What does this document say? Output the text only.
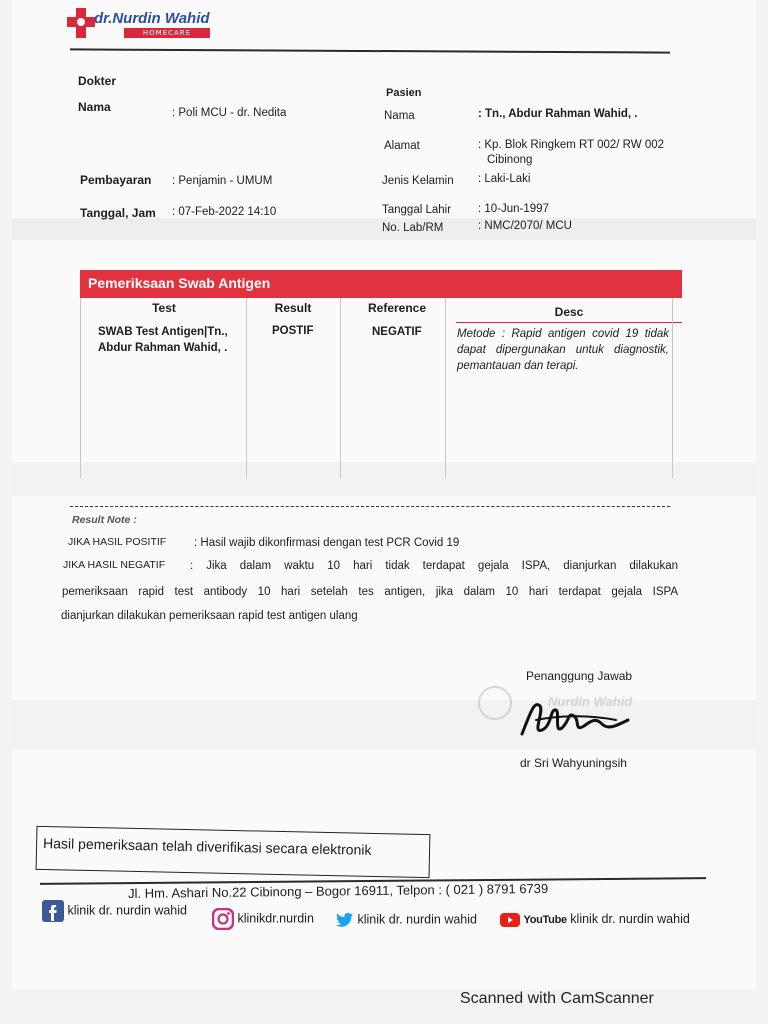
dr.Nurdin Wahid
HOMECARE
Dokter
Nama	: Poli MCU - dr. Nedita
Pembayaran : Penjamin - UMUM
Tanggal, Jam : 07-Feb-2022 14:10
Pasien
Nama	: Tn., Abdur Rahman Wahid, .
Alamat	: Kp. Blok Ringkem RT 002/ RW 002
Cibinong
Jenis Kelamin : Laki-Laki
Tanggal Lahir : 10-Jun-1997
No. Lab/RM	: NMC/2070/ MCU
Pemeriksaan Swab Antigen
Test	Result	Reference	Desc
SWAB Test Antigen|Tn.,
Abdur Rahman Wahid, .
POSTIF	NEGATIF	Metode : Rapid antigen covid 19 tidak dapat dipergunakan untuk diagnostik, pemantauan dan terapi.
Result Note :
JIKA HASIL POSITIF : Hasil wajib dikonfirmasi dengan test PCR Covid 19
JIKA HASIL NEGATIF : Jika dalam waktu 10 hari tidak terdapat gejala ISPA, dianjurkan dilakukan
pemeriksaan rapid test antibody 10 hari setelah tes antigen, jika dalam 10 hari terdapat gejala ISPA
dianjurkan dilakukan pemeriksaan rapid test antigen ulang
Penanggung Jawab
Nurdin Wahid
dr Sri Wahyuningsih
Hasil pemeriksaan telah diverifikasi secara elektronik
Jl. Hm. Ashari No.22 Cibinong – Bogor 16911, Telpon : ( 021 ) 8791 6739
klinik dr. nurdin wahid
klinikdr.nurdin	klinik dr. nurdin wahid	YouTube klinik dr. nurdin wahid
Scanned with CamScanner
